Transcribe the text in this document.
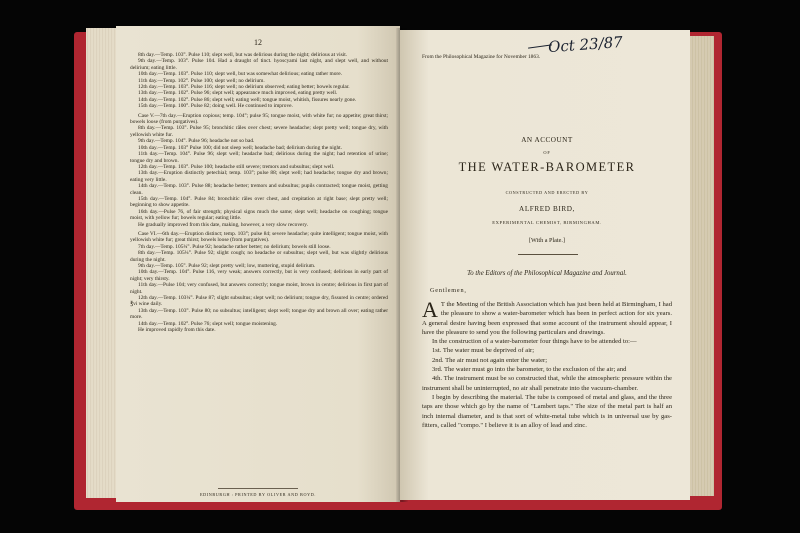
12

8th day.—Temp. 103°. Pulse 110; slept well, but was delirious during the night; delirious at visit.

9th day.—Temp. 103°. Pulse 104. Had a draught of tinct. hyoscyami last night, and slept well, and without delirium; eating little.

10th day.—Temp. 103°. Pulse 110; slept well, but was somewhat delirious; eating rather more.

11th day.—Temp. 102°. Pulse 100; slept well; no delirium.

12th day.—Temp. 103°. Pulse 116; slept well; no delirium observed; eating better; bowels regular.

13th day.—Temp. 102°. Pulse 96; slept well; appearance much improved, eating pretty well.

14th day.—Temp. 102°. Pulse 86; slept well; eating well; tongue moist, whitish, fissures nearly gone.

15th day.—Temp. 100°. Pulse 82; doing well. He continued to improve.

Case V.—7th day.—Eruption copious; temp. 104°; pulse 95; tongue moist, with white fur; no appetite; great thirst; bowels loose (from purgatives).

8th day.—Temp. 103°. Pulse 95; bronchitic râles over chest; severe headache; slept pretty well; tongue dry, with yellowish white fur.

9th day.—Temp. 104°. Pulse 96; headache not so bad.

10th day.—Temp. 103° Pulse 100; did not sleep well; headache bad; delirium during the night.

11th day.—Temp. 104°. Pulse 96; slept well; headache bad; delirious during the night; had retention of urine; tongue dry and brown.

12th day.—Temp. 103°. Pulse 100; headache still severe; tremors and subsultus; slept well.

13th day.—Eruption distinctly petechial; temp. 103°; pulse 88; slept well; had headache; tongue dry and brown; eating very little.

14th day.—Temp. 103°. Pulse 88; headache better; tremors and subsultus; pupils contracted; tongue moist, getting clean.

15th day.—Temp. 104°. Pulse 84; bronchitic râles over chest, and crepitation at right base; slept pretty well; beginning to show appetite.

16th day.—Pulse 76, of fair strength; physical signs much the same; slept well; headache on coughing; tongue moist, with yellow fur; bowels regular; eating little.

He gradually improved from this date, making, however, a very slow recovery.

Case VI.—6th day.—Eruption distinct; temp. 103°; pulse 84; severe headache; quite intelligent; tongue moist, with yellowish white fur; great thirst; bowels loose (from purgatives).

7th day.—Temp. 105¼°. Pulse 92; headache rather better; no delirium; bowels still loose.

8th day.—Temp. 105¼°. Pulse 92; slight cough; no headache or subsultus; slept well, but was slightly delirious during the night.

9th day.—Temp. 105°. Pulse 92; slept pretty well; low, muttering, stupid delirium.

10th day.—Temp. 104°. Pulse 116, very weak; answers correctly, but is very confused; delirious in early part of night; very thirsty.

11th day.—Pulse 104; very confused, but answers correctly; tongue moist, brown in centre; delirious in first part of night.

12th day.—Temp. 103¼°. Pulse 87; slight subsultus; slept well; no delirium; tongue dry, fissured in centre; ordered ℥vi wine daily.

13th day.—Temp. 103°. Pulse 80; no subsultus; intelligent; slept well; tongue dry and brown all over; eating rather more.

14th day.—Temp. 102°. Pulse 76; slept well; tongue moistening.

He improved rapidly from this date.

EDINBURGH : PRINTED BY OLIVER AND BOYD.
Oct 23/87
From the Philosophical Magazine for November 1863.
AN ACCOUNT
OF
THE WATER-BAROMETER
CONSTRUCTED AND ERECTED BY
ALFRED BIRD,
EXPERIMENTAL CHEMIST, BIRMINGHAM.
[With a Plate.]
To the Editors of the Philosophical Magazine and Journal.
Gentlemen,

A T the Meeting of the British Association which has just been held at Birmingham, I had the pleasure to show a water-barometer which has been in perfect action for six years. A general desire having been expressed that some account of the instrument should appear, I have the pleasure to send you the following particulars and drawings.

In the construction of a water-barometer four things have to be attended to:—

1st. The water must be deprived of air;

2nd. The air must not again enter the water;

3rd. The water must go into the barometer, to the exclusion of the air; and

4th. The instrument must be so constructed that, while the atmospheric pressure within the instrument shall be uninterrupted, no air shall penetrate into the vacuum-chamber.

I begin by describing the material. The tube is composed of metal and glass, and the three taps are those which go by the name of "Lambert taps." The size of the metal part is half an inch internal diameter, and is that sort of white-metal tube which is in universal use by gas-fitters, called "compo." I believe it is an alloy of lead and zinc.
